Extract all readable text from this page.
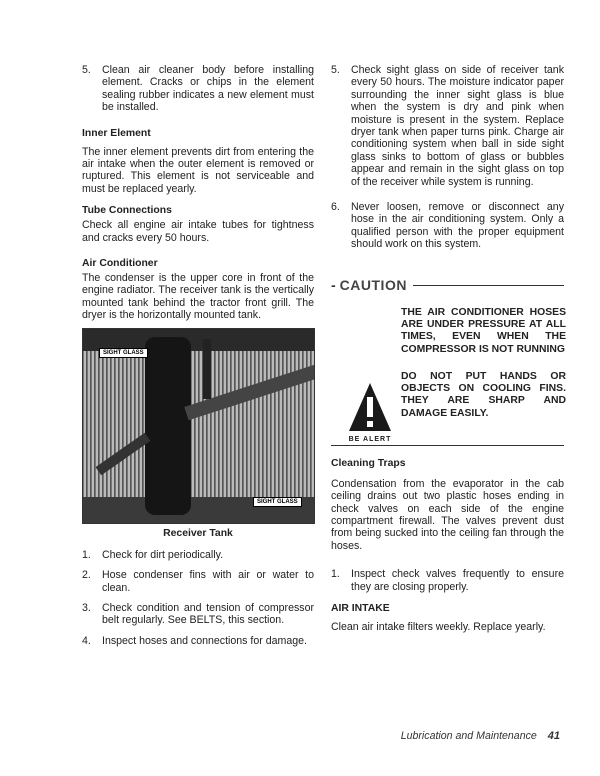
5.	Clean air cleaner body before installing element. Cracks or chips in the element sealing rubber indicates a new element must be installed.
Inner Element

The inner element prevents dirt from entering the air intake when the outer element is removed or ruptured. This element is not serviceable and must be replaced yearly.

Tube Connections

Check all engine air intake tubes for tightness and cracks every 50 hours.

Air Conditioner

The condenser is the upper core in front of the engine radiator. The receiver tank is the vertically mounted tank behind the tractor front grill. The dryer is the horizontally mounted tank.

SIGHT GLASS
SIGHT GLASS
Receiver Tank
1.	Check for dirt periodically.
2.	Hose condenser fins with air or water to clean.
3.	Check condition and tension of compressor belt regularly. See BELTS, this section.
4.	Inspect hoses and connections for damage.
5.	Check sight glass on side of receiver tank every 50 hours. The moisture indicator paper surrounding the inner sight glass is blue when the system is dry and pink when moisture is present in the system. Replace dryer tank when paper turns pink. Charge air conditioning system when ball in side sight glass sinks to bottom of glass or bubbles appear and remain in the sight glass on top of the receiver while system is running.
6.	Never loosen, remove or disconnect any hose in the air conditioning system. Only a qualified person with the proper equipment should work on this system.
- CAUTION

THE AIR CONDITIONER HOSES ARE UNDER PRESSURE AT ALL TIMES, EVEN WHEN THE COMPRESSOR IS NOT RUNNING

DO NOT PUT HANDS OR OBJECTS ON COOLING FINS. THEY ARE SHARP AND DAMAGE EASILY.

BE ALERT
Cleaning Traps

Condensation from the evaporator in the cab ceiling drains out two plastic hoses ending in check valves on each side of the engine compartment firewall. The valves prevent dust from being sucked into the ceiling fan through the hoses.

1.	Inspect check valves frequently to ensure they are closing properly.
AIR INTAKE

Clean air intake filters weekly. Replace yearly.

Lubrication and Maintenance 41
